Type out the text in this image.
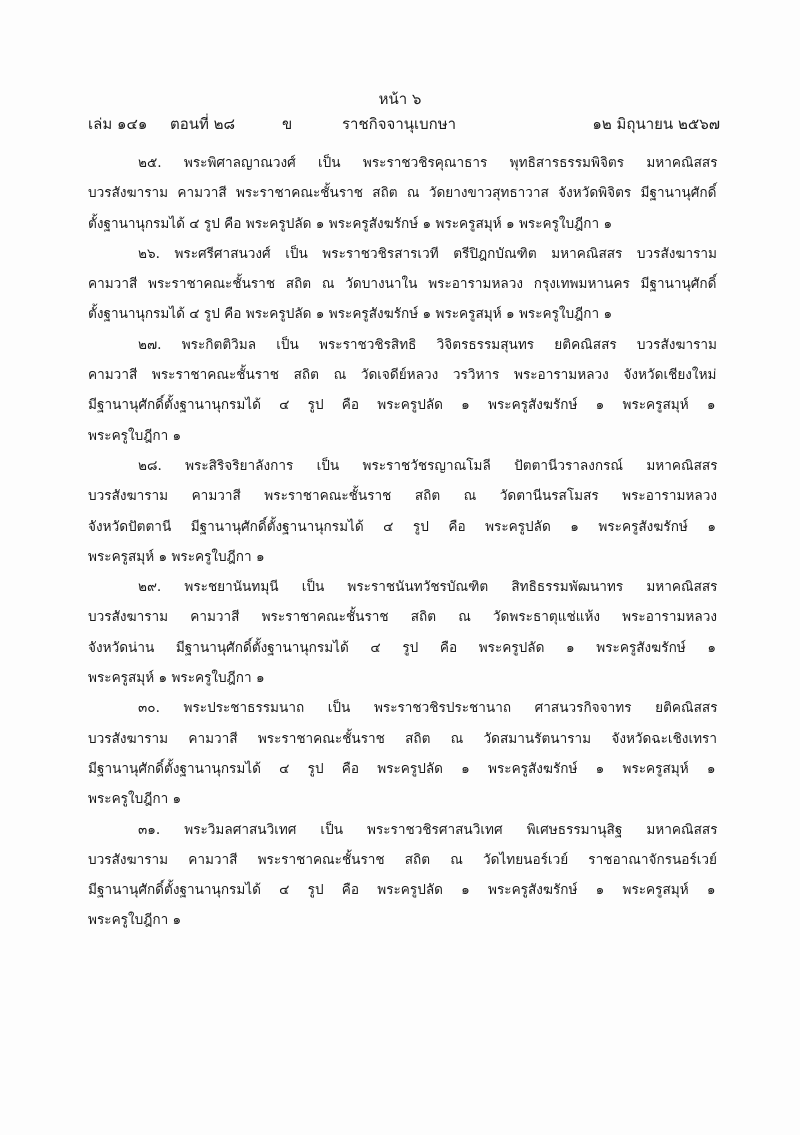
หน้า ๖
เล่ม ๑๔๑ ตอนที่ ๒๘	ข	ราชกิจจานุเบกษา	๑๒ มิถุนายน ๒๕๖๗
๒๕. พระพิศาลญาณวงศ์ เป็น พระราชวชิรคุณาธาร พุทธิสารธรรมพิจิตร มหาคณิสสร
บวรสังฆาราม คามวาสี พระราชาคณะชั้นราช สถิต ณ วัดยางขาวสุทธาวาส จังหวัดพิจิตร มีฐานานุศักดิ์
ตั้งฐานานุกรมได้ ๔ รูป คือ พระครูปลัด ๑ พระครูสังฆรักษ์ ๑ พระครูสมุห์ ๑ พระครูใบฎีกา ๑
๒๖. พระศรีศาสนวงศ์ เป็น พระราชวชิรสารเวที ตรีปิฎกบัณฑิต มหาคณิสสร บวรสังฆาราม
คามวาสี พระราชาคณะชั้นราช สถิต ณ วัดบางนาใน พระอารามหลวง กรุงเทพมหานคร มีฐานานุศักดิ์
ตั้งฐานานุกรมได้ ๔ รูป คือ พระครูปลัด ๑ พระครูสังฆรักษ์ ๑ พระครูสมุห์ ๑ พระครูใบฎีกา ๑
๒๗. พระกิตติวิมล เป็น พระราชวชิรสิทธิ วิจิตรธรรมสุนทร ยติคณิสสร บวรสังฆาราม
คามวาสี พระราชาคณะชั้นราช สถิต ณ วัดเจดีย์หลวง วรวิหาร พระอารามหลวง จังหวัดเชียงใหม่
มีฐานานุศักดิ์ตั้งฐานานุกรมได้ ๔ รูป คือ พระครูปลัด ๑ พระครูสังฆรักษ์ ๑ พระครูสมุห์ ๑
พระครูใบฎีกา ๑
๒๘. พระสิริจริยาลังการ เป็น พระราชวัชรญาณโมลี ปัตตานีวราลงกรณ์ มหาคณิสสร
บวรสังฆาราม คามวาสี พระราชาคณะชั้นราช สถิต ณ วัดตานีนรสโมสร พระอารามหลวง
จังหวัดปัตตานี มีฐานานุศักดิ์ตั้งฐานานุกรมได้ ๔ รูป คือ พระครูปลัด ๑ พระครูสังฆรักษ์ ๑
พระครูสมุห์ ๑ พระครูใบฎีกา ๑
๒๙. พระชยานันทมุนี เป็น พระราชนันทวัชรบัณฑิต สิทธิธรรมพัฒนาทร มหาคณิสสร
บวรสังฆาราม คามวาสี พระราชาคณะชั้นราช สถิต ณ วัดพระธาตุแช่แห้ง พระอารามหลวง
จังหวัดน่าน มีฐานานุศักดิ์ตั้งฐานานุกรมได้ ๔ รูป คือ พระครูปลัด ๑ พระครูสังฆรักษ์ ๑
พระครูสมุห์ ๑ พระครูใบฎีกา ๑
๓๐. พระประชาธรรมนาถ เป็น พระราชวชิรประชานาถ ศาสนวรกิจจาทร ยติคณิสสร
บวรสังฆาราม คามวาสี พระราชาคณะชั้นราช สถิต ณ วัดสมานรัตนาราม จังหวัดฉะเชิงเทรา
มีฐานานุศักดิ์ตั้งฐานานุกรมได้ ๔ รูป คือ พระครูปลัด ๑ พระครูสังฆรักษ์ ๑ พระครูสมุห์ ๑
พระครูใบฎีกา ๑
๓๑. พระวิมลศาสนวิเทศ เป็น พระราชวชิรศาสนวิเทศ พิเศษธรรมานุสิฐ มหาคณิสสร
บวรสังฆาราม คามวาสี พระราชาคณะชั้นราช สถิต ณ วัดไทยนอร์เวย์ ราชอาณาจักรนอร์เวย์
มีฐานานุศักดิ์ตั้งฐานานุกรมได้ ๔ รูป คือ พระครูปลัด ๑ พระครูสังฆรักษ์ ๑ พระครูสมุห์ ๑
พระครูใบฎีกา ๑
